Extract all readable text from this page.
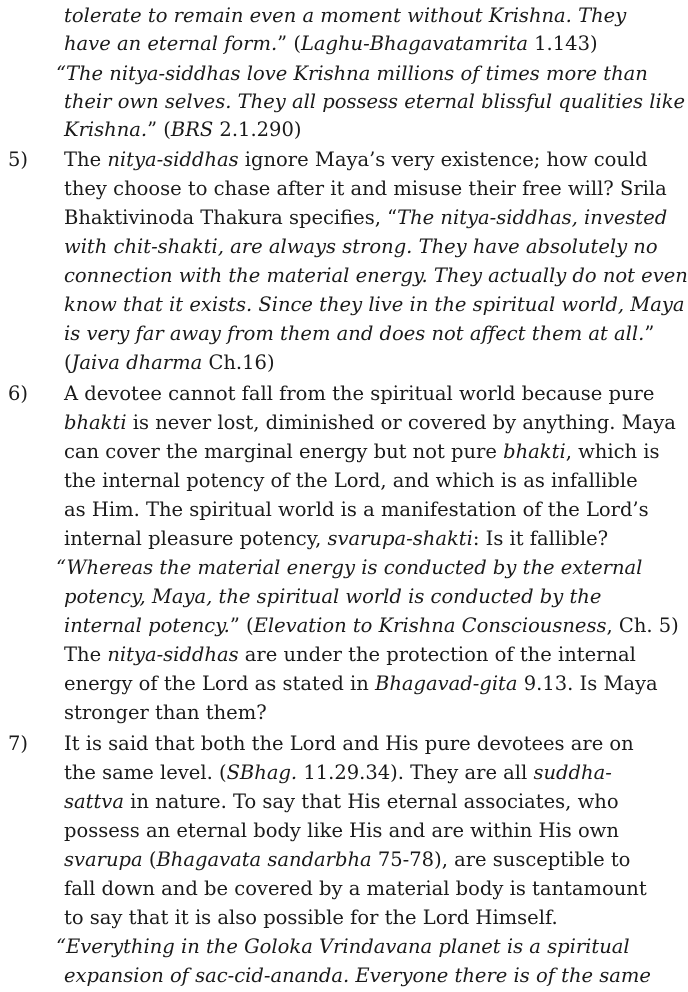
tolerate to remain even a moment without Krishna. They
have an eternal form.” (Laghu-Bhagavatamrita 1.143)
“The nitya-siddhas love Krishna millions of times more than
their own selves. They all possess eternal blissful qualities like
Krishna.” (BRS 2.1.290)
5) The nitya-siddhas ignore Maya’s very existence; how could
they choose to chase after it and misuse their free will? Srila
Bhaktivinoda Thakura specifies, “The nitya-siddhas, invested
with chit-shakti, are always strong. They have absolutely no
connection with the material energy. They actually do not even
know that it exists. Since they live in the spiritual world, Maya
is very far away from them and does not affect them at all.”
(Jaiva dharma Ch.16)
6) A devotee cannot fall from the spiritual world because pure
bhakti is never lost, diminished or covered by anything. Maya
can cover the marginal energy but not pure bhakti, which is
the internal potency of the Lord, and which is as infallible
as Him. The spiritual world is a manifestation of the Lord’s
internal pleasure potency, svarupa-shakti: Is it fallible?
“Whereas the material energy is conducted by the external
potency, Maya, the spiritual world is conducted by the
internal potency.” (Elevation to Krishna Consciousness, Ch. 5)
The nitya-siddhas are under the protection of the internal
energy of the Lord as stated in Bhagavad-gita 9.13. Is Maya
stronger than them?
7) It is said that both the Lord and His pure devotees are on
the same level. (SBhag. 11.29.34). They are all suddha-
sattva in nature. To say that His eternal associates, who
possess an eternal body like His and are within His own
svarupa (Bhagavata sandarbha 75-78), are susceptible to
fall down and be covered by a material body is tantamount
to say that it is also possible for the Lord Himself.
“Everything in the Goloka Vrindavana planet is a spiritual
expansion of sac-cid-ananda. Everyone there is of the same
